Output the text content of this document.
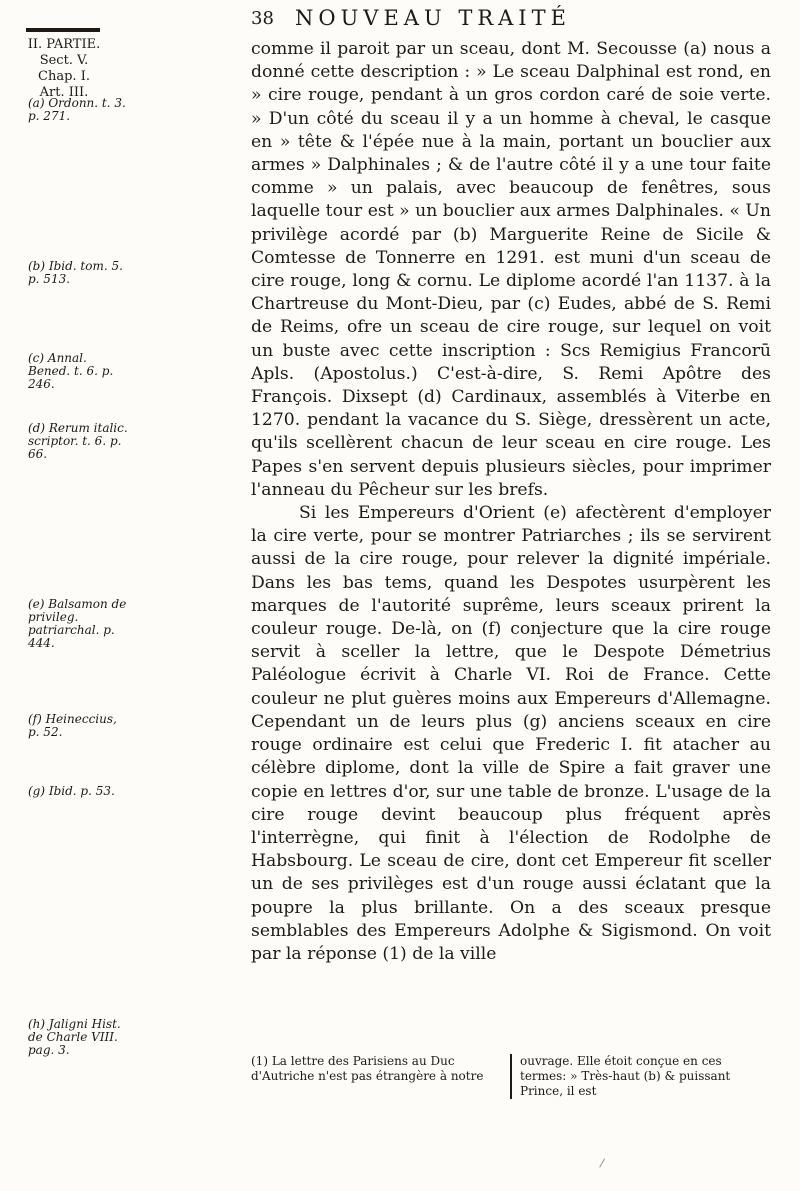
38 NOUVEAU TRAITÉ
II. PARTIE.
Sect. V.
Chap. I.
Art. III.
(a) Ordonn. t. 3. p. 271.
(b) Ibid. tom. 5. p. 513.
(c) Annal. Bened. t. 6. p. 246.
(d) Rerum italic. scriptor. t. 6. p. 66.
(e) Balsamon de privileg. patriarchal. p. 444.
(f) Heineccius, p. 52.
(g) Ibid. p. 53.
(h) Jaligni Hist. de Charle VIII. pag. 3.

comme il paroit par un sceau, dont M. Secousse (a) nous a donné cette description : » Le sceau Dalphinal est rond, en » cire rouge, pendant à un gros cordon caré de soie verte. » D'un côté du sceau il y a un homme à cheval, le casque en » tête & l'épée nue à la main, portant un bouclier aux armes » Dalphinales ; & de l'autre côté il y a une tour faite comme » un palais, avec beaucoup de fenêtres, sous laquelle tour est » un bouclier aux armes Dalphinales. « Un privilège acordé par (b) Marguerite Reine de Sicile & Comtesse de Tonnerre en 1291. est muni d'un sceau de cire rouge, long & cornu. Le diplome acordé l'an 1137. à la Chartreuse du Mont-Dieu, par (c) Eudes, abbé de S. Remi de Reims, ofre un sceau de cire rouge, sur lequel on voit un buste avec cette inscription : Scs Remigius Francorū Apls. (Apostolus.) C'est-à-dire, S. Remi Apôtre des François. Dixsept (d) Cardinaux, assemblés à Viterbe en 1270. pendant la vacance du S. Siège, dressèrent un acte, qu'ils scellèrent chacun de leur sceau en cire rouge. Les Papes s'en servent depuis plusieurs siècles, pour imprimer l'anneau du Pêcheur sur les brefs.

Si les Empereurs d'Orient (e) afectèrent d'employer la cire verte, pour se montrer Patriarches ; ils se servirent aussi de la cire rouge, pour relever la dignité impériale. Dans les bas tems, quand les Despotes usurpèrent les marques de l'autorité suprême, leurs sceaux prirent la couleur rouge. De-là, on (f) conjecture que la cire rouge servit à sceller la lettre, que le Despote Démetrius Paléologue écrivit à Charle VI. Roi de France. Cette couleur ne plut guères moins aux Empereurs d'Allemagne. Cependant un de leurs plus (g) anciens sceaux en cire rouge ordinaire est celui que Frederic I. fit atacher au célèbre diplome, dont la ville de Spire a fait graver une copie en lettres d'or, sur une table de bronze. L'usage de la cire rouge devint beaucoup plus fréquent après l'interrègne, qui finit à l'élection de Rodolphe de Habsbourg. Le sceau de cire, dont cet Empereur fit sceller un de ses privilèges est d'un rouge aussi éclatant que la poupre la plus brillante. On a des sceaux presque semblables des Empereurs Adolphe & Sigismond. On voit par la réponse (1) de la ville

(1) La lettre des Parisiens au Duc d'Autriche n'est pas étrangère à notre
ouvrage. Elle étoit conçue en ces termes: » Très-haut (b) & puissant Prince, il est
